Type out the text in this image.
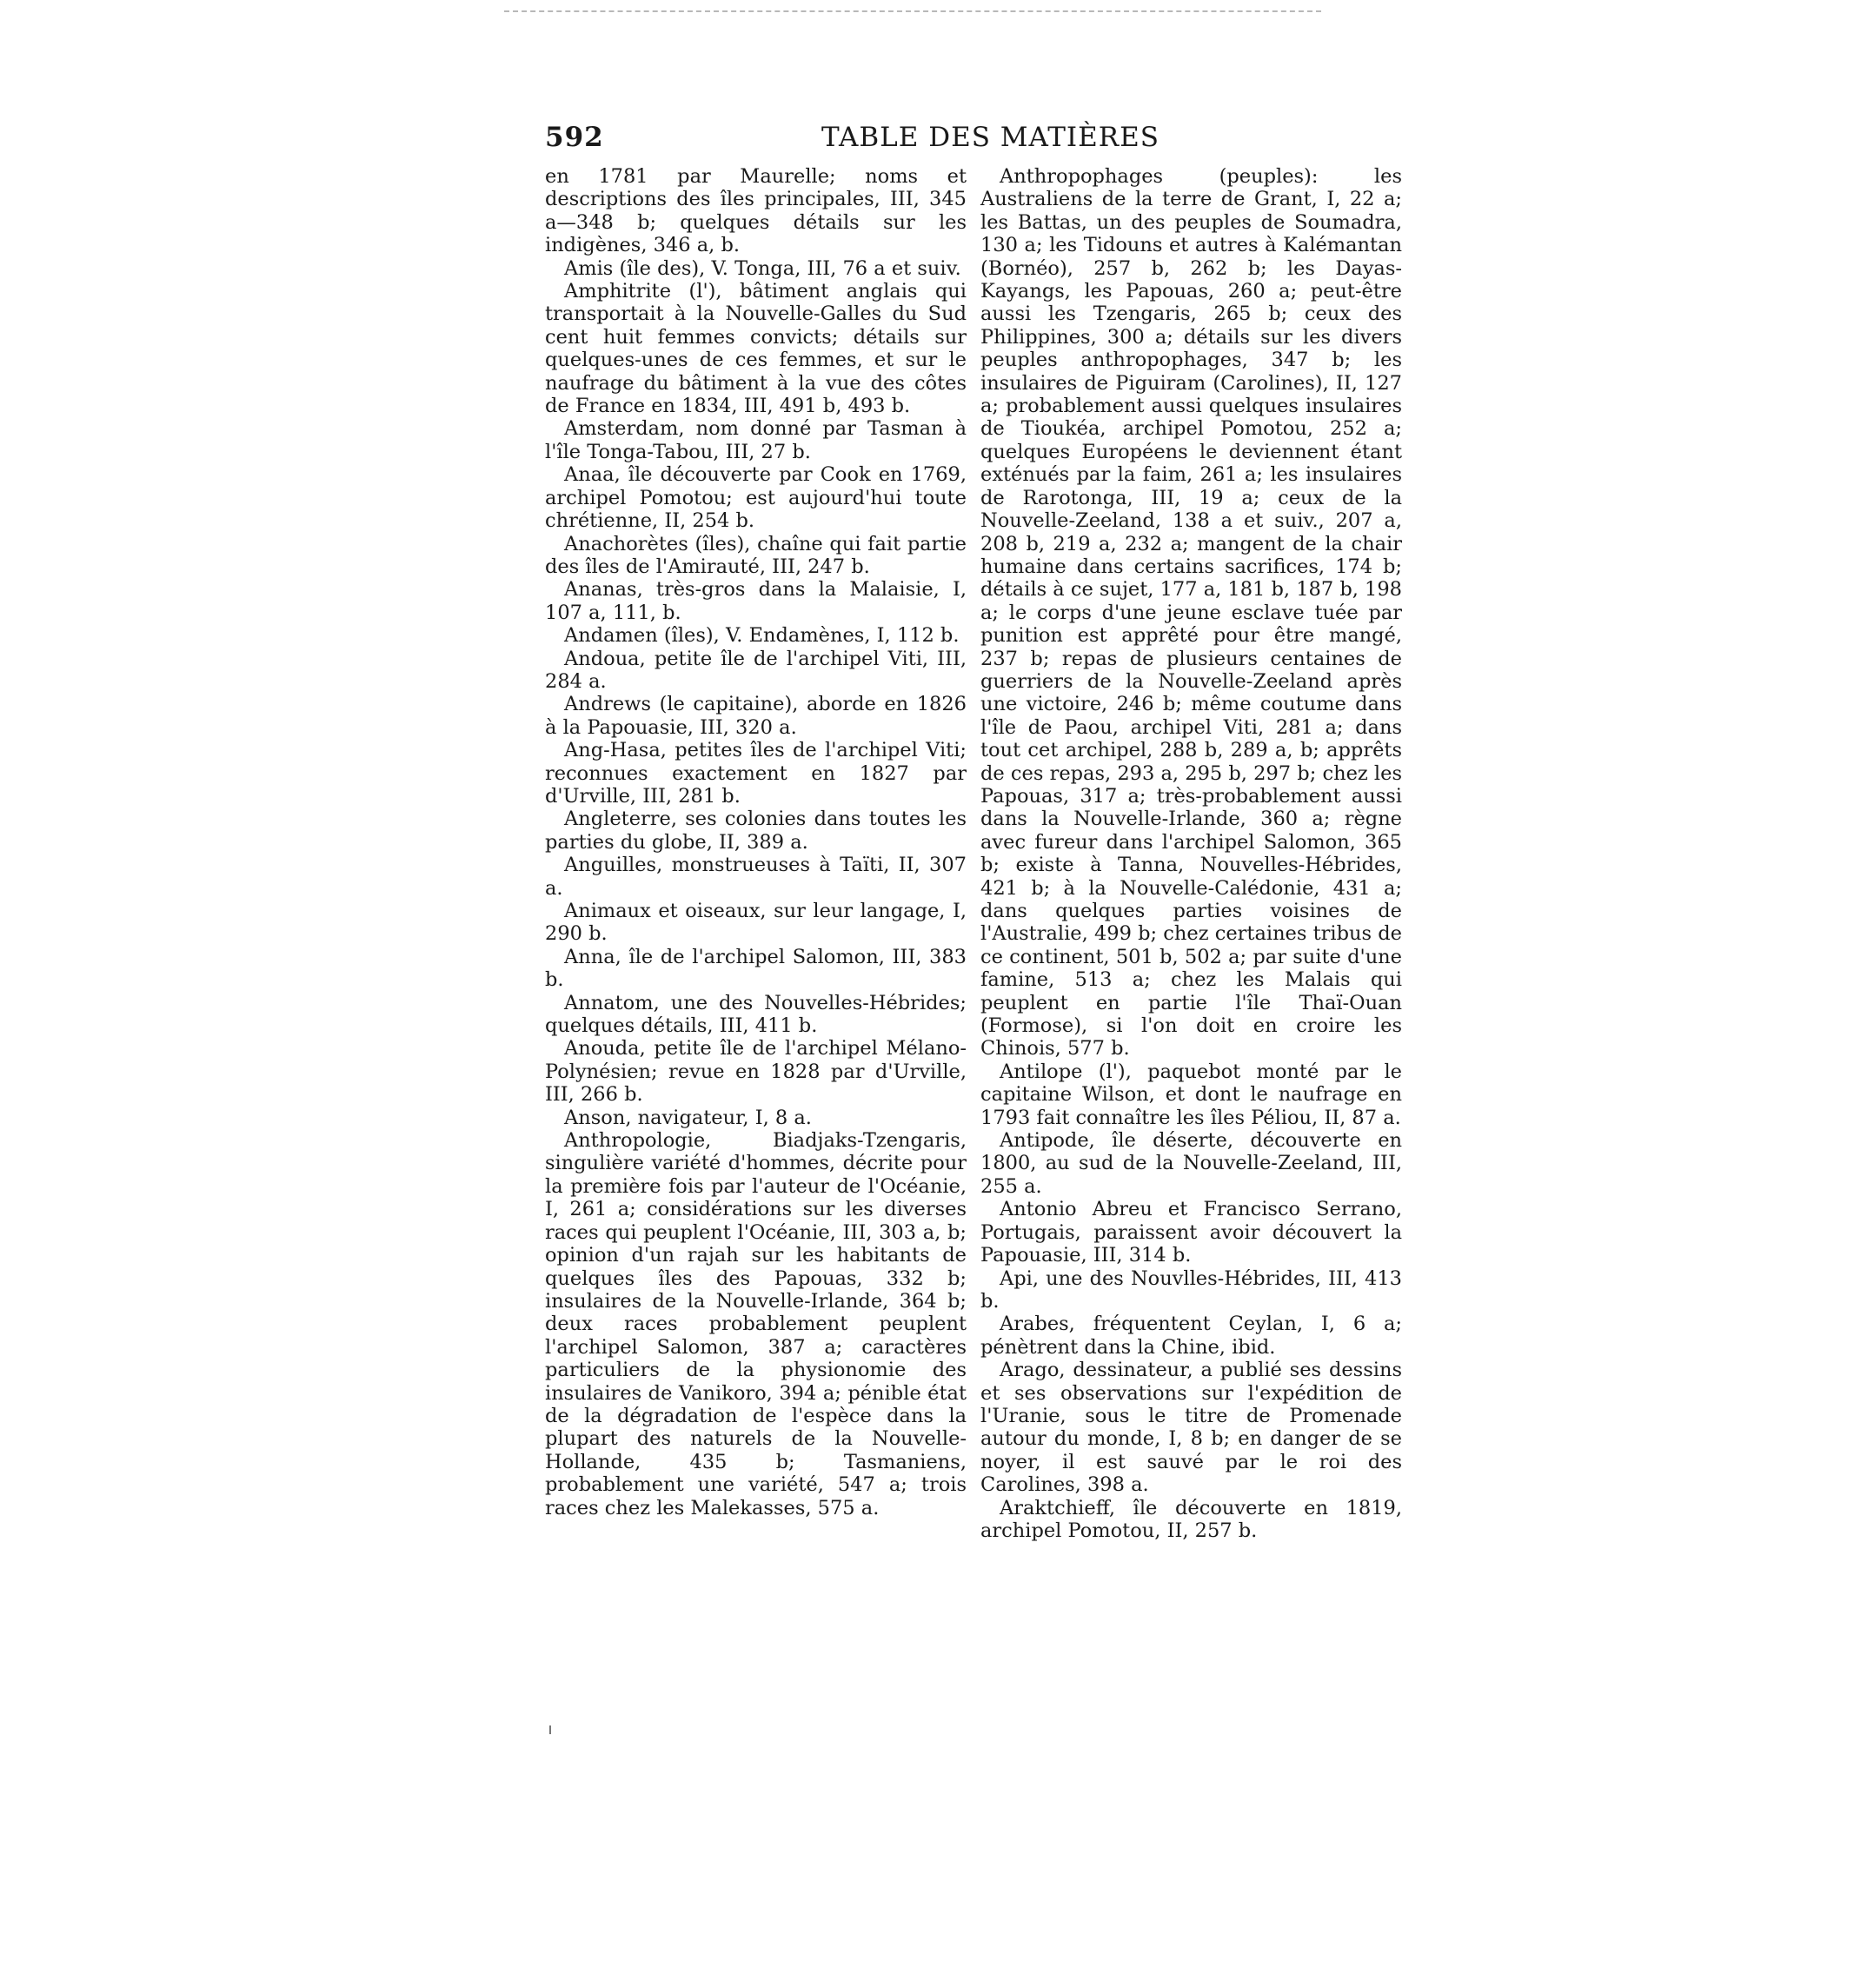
592	TABLE DES MATIÈRES

en 1781 par Maurelle; noms et descriptions des îles principales, III, 345 a—348 b; quelques détails sur les indigènes, 346 a, b.

Amis (île des), V. Tonga, III, 76 a et suiv.

Amphitrite (l'), bâtiment anglais qui transportait à la Nouvelle-Galles du Sud cent huit femmes convicts; détails sur quelques-unes de ces femmes, et sur le naufrage du bâtiment à la vue des côtes de France en 1834, III, 491 b, 493 b.

Amsterdam, nom donné par Tasman à l'île Tonga-Tabou, III, 27 b.

Anaa, île découverte par Cook en 1769, archipel Pomotou; est aujourd'hui toute chrétienne, II, 254 b.

Anachorètes (îles), chaîne qui fait partie des îles de l'Amirauté, III, 247 b.

Ananas, très-gros dans la Malaisie, I, 107 a, 111, b.

Andamen (îles), V. Endamènes, I, 112 b.

Andoua, petite île de l'archipel Viti, III, 284 a.

Andrews (le capitaine), aborde en 1826 à la Papouasie, III, 320 a.

Ang-Hasa, petites îles de l'archipel Viti; reconnues exactement en 1827 par d'Urville, III, 281 b.

Angleterre, ses colonies dans toutes les parties du globe, II, 389 a.

Anguilles, monstrueuses à Taïti, II, 307 a.

Animaux et oiseaux, sur leur langage, I, 290 b.

Anna, île de l'archipel Salomon, III, 383 b.

Annatom, une des Nouvelles-Hébrides; quelques détails, III, 411 b.

Anouda, petite île de l'archipel Mélano-Polynésien; revue en 1828 par d'Urville, III, 266 b.

Anson, navigateur, I, 8 a.

Anthropologie, Biadjaks-Tzengaris, singulière variété d'hommes, décrite pour la première fois par l'auteur de l'Océanie, I, 261 a; considérations sur les diverses races qui peuplent l'Océanie, III, 303 a, b; opinion d'un rajah sur les habitants de quelques îles des Papouas, 332 b; insulaires de la Nouvelle-Irlande, 364 b; deux races probablement peuplent l'archipel Salomon, 387 a; caractères particuliers de la physionomie des insulaires de Vanikoro, 394 a; pénible état de la dégradation de l'espèce dans la plupart des naturels de la Nouvelle-Hollande, 435 b; Tasmaniens, probablement une variété, 547 a; trois races chez les Malekasses, 575 a.

Anthropophages (peuples): les Australiens de la terre de Grant, I, 22 a; les Battas, un des peuples de Soumadra, 130 a; les Tidouns et autres à Kalémantan (Bornéo), 257 b, 262 b; les Dayas-Kayangs, les Papouas, 260 a; peut-être aussi les Tzengaris, 265 b; ceux des Philippines, 300 a; détails sur les divers peuples anthropophages, 347 b; les insulaires de Piguiram (Carolines), II, 127 a; probablement aussi quelques insulaires de Tioukéa, archipel Pomotou, 252 a; quelques Européens le deviennent étant exténués par la faim, 261 a; les insulaires de Rarotonga, III, 19 a; ceux de la Nouvelle-Zeeland, 138 a et suiv., 207 a, 208 b, 219 a, 232 a; mangent de la chair humaine dans certains sacrifices, 174 b; détails à ce sujet, 177 a, 181 b, 187 b, 198 a; le corps d'une jeune esclave tuée par punition est apprêté pour être mangé, 237 b; repas de plusieurs centaines de guerriers de la Nouvelle-Zeeland après une victoire, 246 b; même coutume dans l'île de Paou, archipel Viti, 281 a; dans tout cet archipel, 288 b, 289 a, b; apprêts de ces repas, 293 a, 295 b, 297 b; chez les Papouas, 317 a; très-probablement aussi dans la Nouvelle-Irlande, 360 a; règne avec fureur dans l'archipel Salomon, 365 b; existe à Tanna, Nouvelles-Hébrides, 421 b; à la Nouvelle-Calédonie, 431 a; dans quelques parties voisines de l'Australie, 499 b; chez certaines tribus de ce continent, 501 b, 502 a; par suite d'une famine, 513 a; chez les Malais qui peuplent en partie l'île Thaï-Ouan (Formose), si l'on doit en croire les Chinois, 577 b.

Antilope (l'), paquebot monté par le capitaine Wilson, et dont le naufrage en 1793 fait connaître les îles Péliou, II, 87 a.

Antipode, île déserte, découverte en 1800, au sud de la Nouvelle-Zeeland, III, 255 a.

Antonio Abreu et Francisco Serrano, Portugais, paraissent avoir découvert la Papouasie, III, 314 b.

Api, une des Nouvlles-Hébrides, III, 413 b.

Arabes, fréquentent Ceylan, I, 6 a; pénètrent dans la Chine, ibid.

Arago, dessinateur, a publié ses dessins et ses observations sur l'expédition de l'Uranie, sous le titre de Promenade autour du monde, I, 8 b; en danger de se noyer, il est sauvé par le roi des Carolines, 398 a.

Araktchieff, île découverte en 1819, archipel Pomotou, II, 257 b.
